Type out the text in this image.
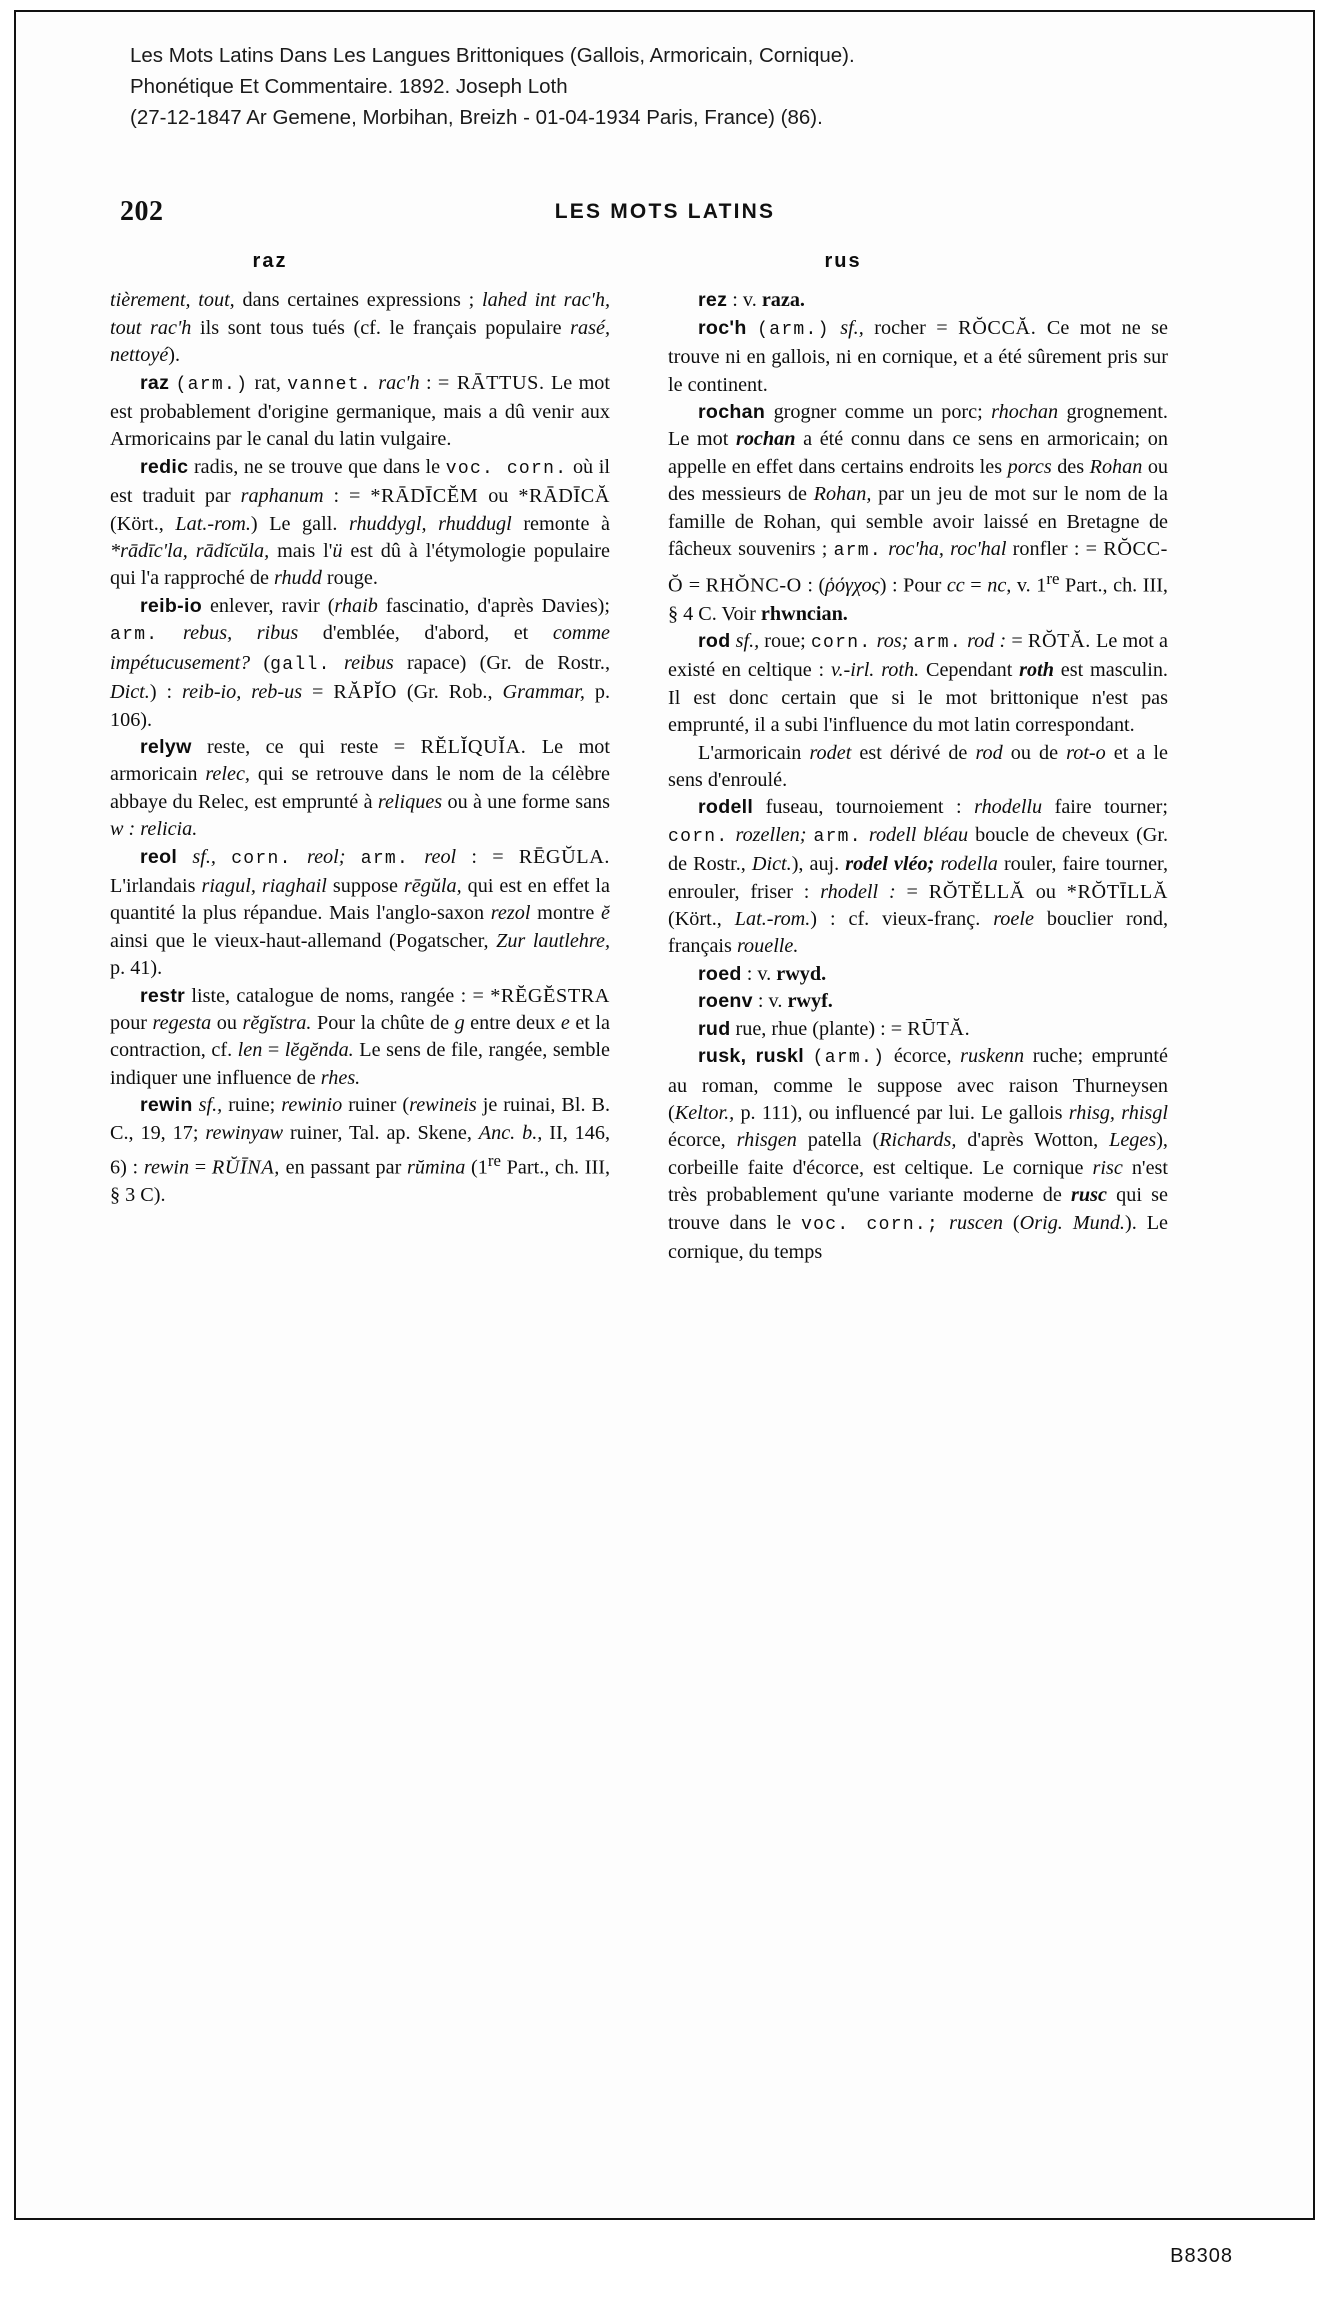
Les Mots Latins Dans Les Langues Brittoniques (Gallois, Armoricain, Cornique).
Phonétique Et Commentaire. 1892. Joseph Loth
(27-12-1847 Ar Gemene, Morbihan, Breizh - 01-04-1934 Paris, France) (86).
202	LES MOTS LATINS
raz

tièrement, tout, dans certaines expressions ; lahed int rac'h, tout rac'h ils sont tous tués (cf. le français populaire rasé, nettoyé).

raz (arm.) rat, vannet. rac'h : = RĀTTUS. Le mot est probablement d'origine germanique, mais a dû venir aux Armoricains par le canal du latin vulgaire.

redic radis, ne se trouve que dans le voc. corn. où il est traduit par raphanum : = *RĀDĪCĔM ou *RĀDĪCĂ (Kört., Lat.-rom.) Le gall. rhuddygl, rhuddugl remonte à *rādīc'la, rādĭcŭla, mais l'ü est dû à l'étymologie populaire qui l'a rapproché de rhudd rouge.

reib-io enlever, ravir (rhaib fascinatio, d'après Davies); arm. rebus, ribus d'emblée, d'abord, et comme impétucusement? (gall. reibus rapace) (Gr. de Rostr., Dict.) : reib-io, reb-us = RĂPĬO (Gr. Rob., Grammar, p. 106).

relyw reste, ce qui reste = RĔLĬQUĬA. Le mot armoricain relec, qui se retrouve dans le nom de la célèbre abbaye du Relec, est emprunté à reliques ou à une forme sans w : relicia.

reol sf., corn. reol; arm. reol : = RĒGŬLA. L'irlandais riagul, riaghail suppose rēgŭla, qui est en effet la quantité la plus répandue. Mais l'anglo-saxon rezol montre ĕ ainsi que le vieux-haut-allemand (Pogatscher, Zur lautlehre, p. 41).

restr liste, catalogue de noms, rangée : = *RĔGĔSTRA pour regesta ou rĕgĭstra. Pour la chûte de g entre deux e et la contraction, cf. len = lĕgĕnda. Le sens de file, rangée, semble indiquer une influence de rhes.

rewin sf., ruine; rewinio ruiner (rewineis je ruinai, Bl. B. C., 19, 17; rewinyaw ruiner, Tal. ap. Skene, Anc. b., II, 146, 6) : rewin = RŬĪNA, en passant par rŭmina (1re Part., ch. III, § 3 C).

rus

rez : v. raza.

roc'h (arm.) sf., rocher = RŎCCĂ. Ce mot ne se trouve ni en gallois, ni en cornique, et a été sûrement pris sur le continent.

rochan grogner comme un porc; rhochan grognement. Le mot rochan a été connu dans ce sens en armoricain; on appelle en effet dans certains endroits les porcs des Rohan ou des messieurs de Rohan, par un jeu de mot sur le nom de la famille de Rohan, qui semble avoir laissé en Bretagne de fâcheux souvenirs ; arm. roc'ha, roc'hal ronfler : = RŎCC-Ŏ = RHŎNC-O : (ῥόγχος) : Pour cc = nc, v. 1re Part., ch. III, § 4 C. Voir rhwncian.

rod sf., roue; corn. ros; arm. rod : = RŎTĂ. Le mot a existé en celtique : v.-irl. roth. Cependant roth est masculin. Il est donc certain que si le mot brittonique n'est pas emprunté, il a subi l'influence du mot latin correspondant.

L'armoricain rodet est dérivé de rod ou de rot-o et a le sens d'enroulé.

rodell fuseau, tournoiement : rhodellu faire tourner; corn. rozellen; arm. rodell bléau boucle de cheveux (Gr. de Rostr., Dict.), auj. rodel vléo; rodella rouler, faire tourner, enrouler, friser : rhodell : = RŎTĔLLĂ ou *RŎTĪLLĂ (Kört., Lat.-rom.) : cf. vieux-franç. roele bouclier rond, français rouelle.

roed : v. rwyd.

roenv : v. rwyf.

rud rue, rhue (plante) : = RŪTĂ.

rusk, ruskl (arm.) écorce, ruskenn ruche; emprunté au roman, comme le suppose avec raison Thurneysen (Keltor., p. 111), ou influencé par lui. Le gallois rhisg, rhisgl écorce, rhisgen patella (Richards, d'après Wotton, Leges), corbeille faite d'écorce, est celtique. Le cornique risc n'est très probablement qu'une variante moderne de rusc qui se trouve dans le voc. corn.; ruscen (Orig. Mund.). Le cornique, du temps

B8308
